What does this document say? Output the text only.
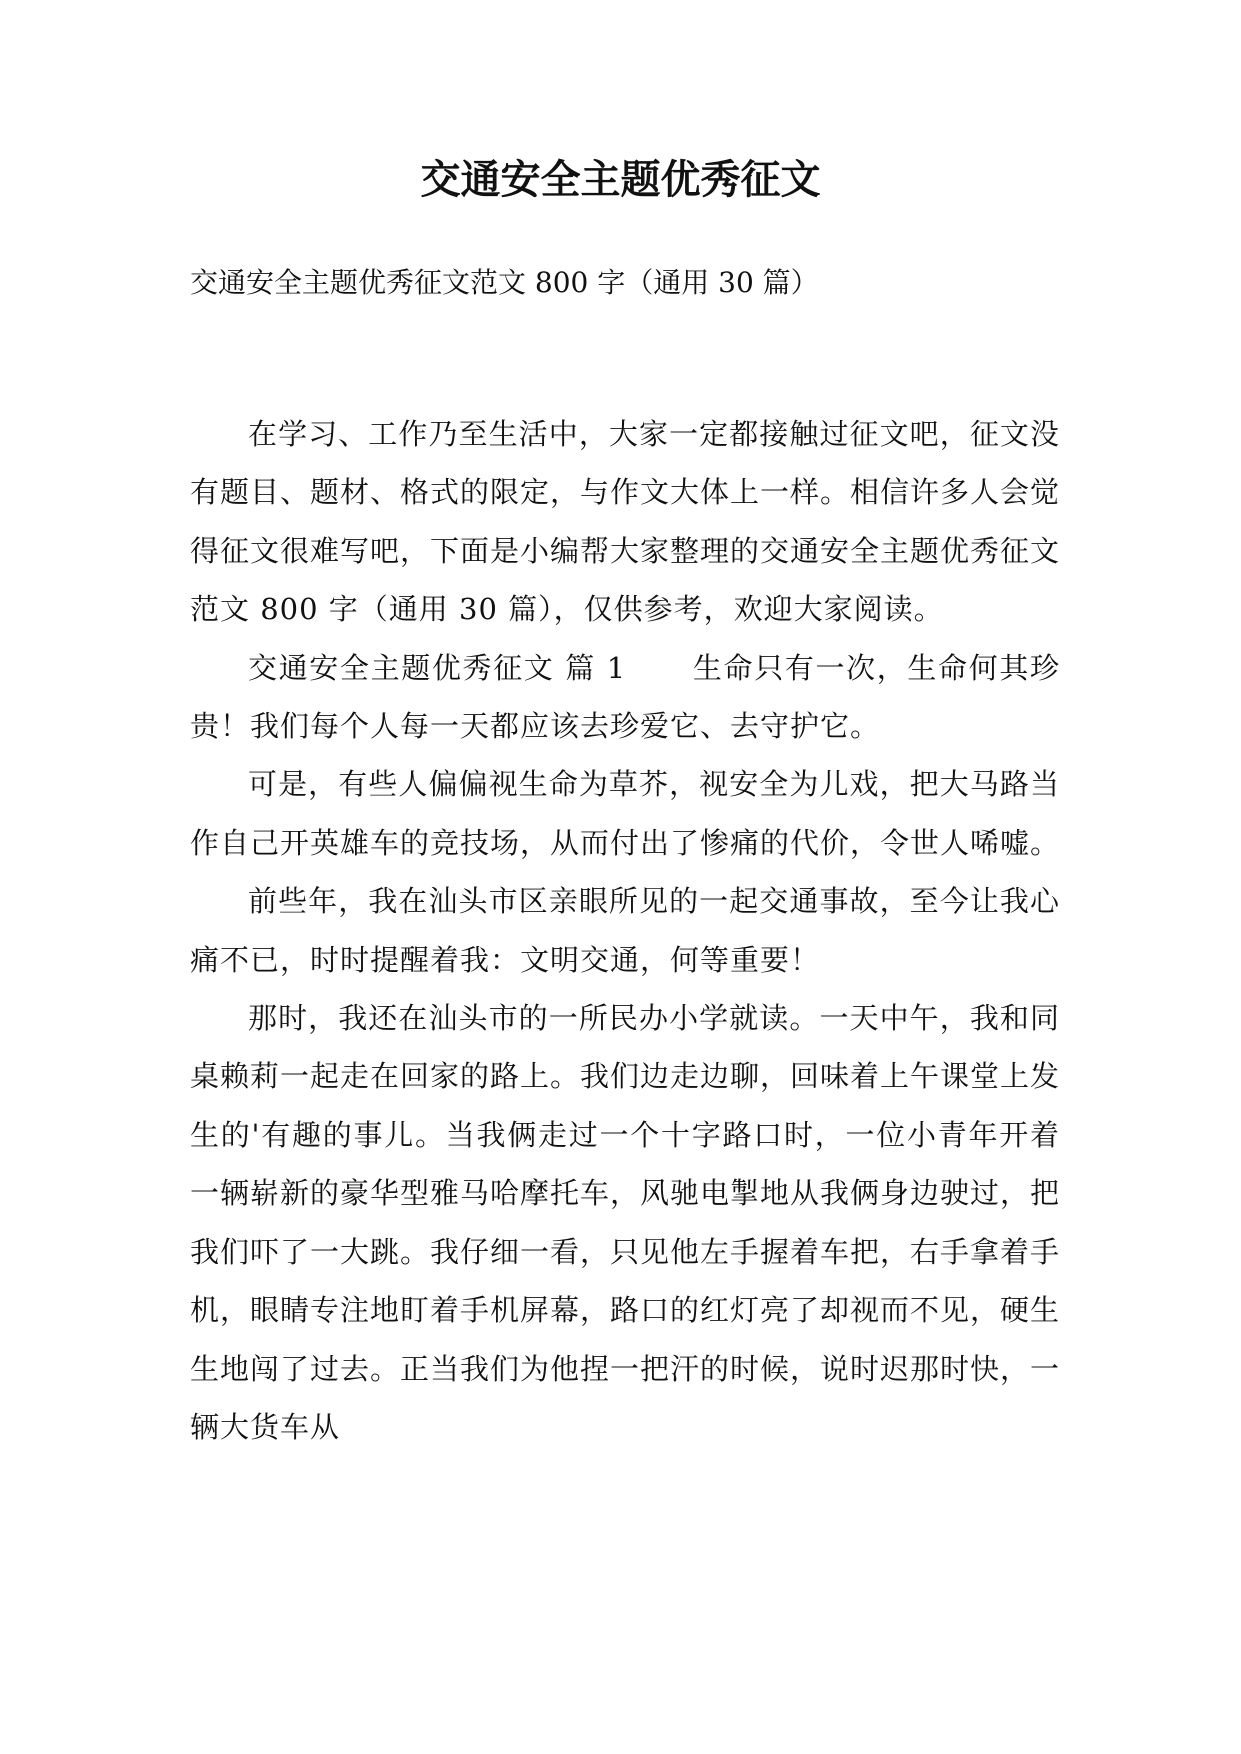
交通安全主题优秀征文

交通安全主题优秀征文范文 800 字（通用 30 篇）

在学习、工作乃至生活中，大家一定都接触过征文吧，征文没有题目、题材、格式的限定，与作文大体上一样。相信许多人会觉得征文很难写吧，下面是小编帮大家整理的交通安全主题优秀征文范文 800 字（通用 30 篇），仅供参考，欢迎大家阅读。

交通安全主题优秀征文 篇 1 生命只有一次，生命何其珍贵！我们每个人每一天都应该去珍爱它、去守护它。

可是，有些人偏偏视生命为草芥，视安全为儿戏，把大马路当作自己开英雄车的竞技场，从而付出了惨痛的代价，令世人唏嘘。

前些年，我在汕头市区亲眼所见的一起交通事故，至今让我心痛不已，时时提醒着我：文明交通，何等重要！

那时，我还在汕头市的一所民办小学就读。一天中午，我和同桌赖莉一起走在回家的路上。我们边走边聊，回味着上午课堂上发生的'有趣的事儿。当我俩走过一个十字路口时，一位小青年开着一辆崭新的豪华型雅马哈摩托车，风驰电掣地从我俩身边驶过，把我们吓了一大跳。我仔细一看，只见他左手握着车把，右手拿着手机，眼睛专注地盯着手机屏幕，路口的红灯亮了却视而不见，硬生生地闯了过去。正当我们为他捏一把汗的时候，说时迟那时快，一辆大货车从
